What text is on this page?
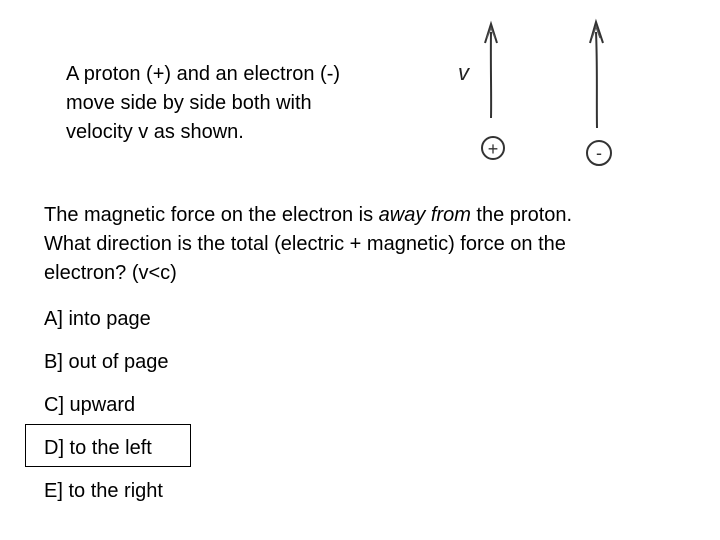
A proton (+) and an electron (-)
move side by side both with
velocity v as shown.
v
+	-
The magnetic force on the electron is away from the proton.
What direction is the total (electric + magnetic) force on the
electron? (v<c)
A] into page
B] out of page
C] upward
D] to the left
E] to the right
